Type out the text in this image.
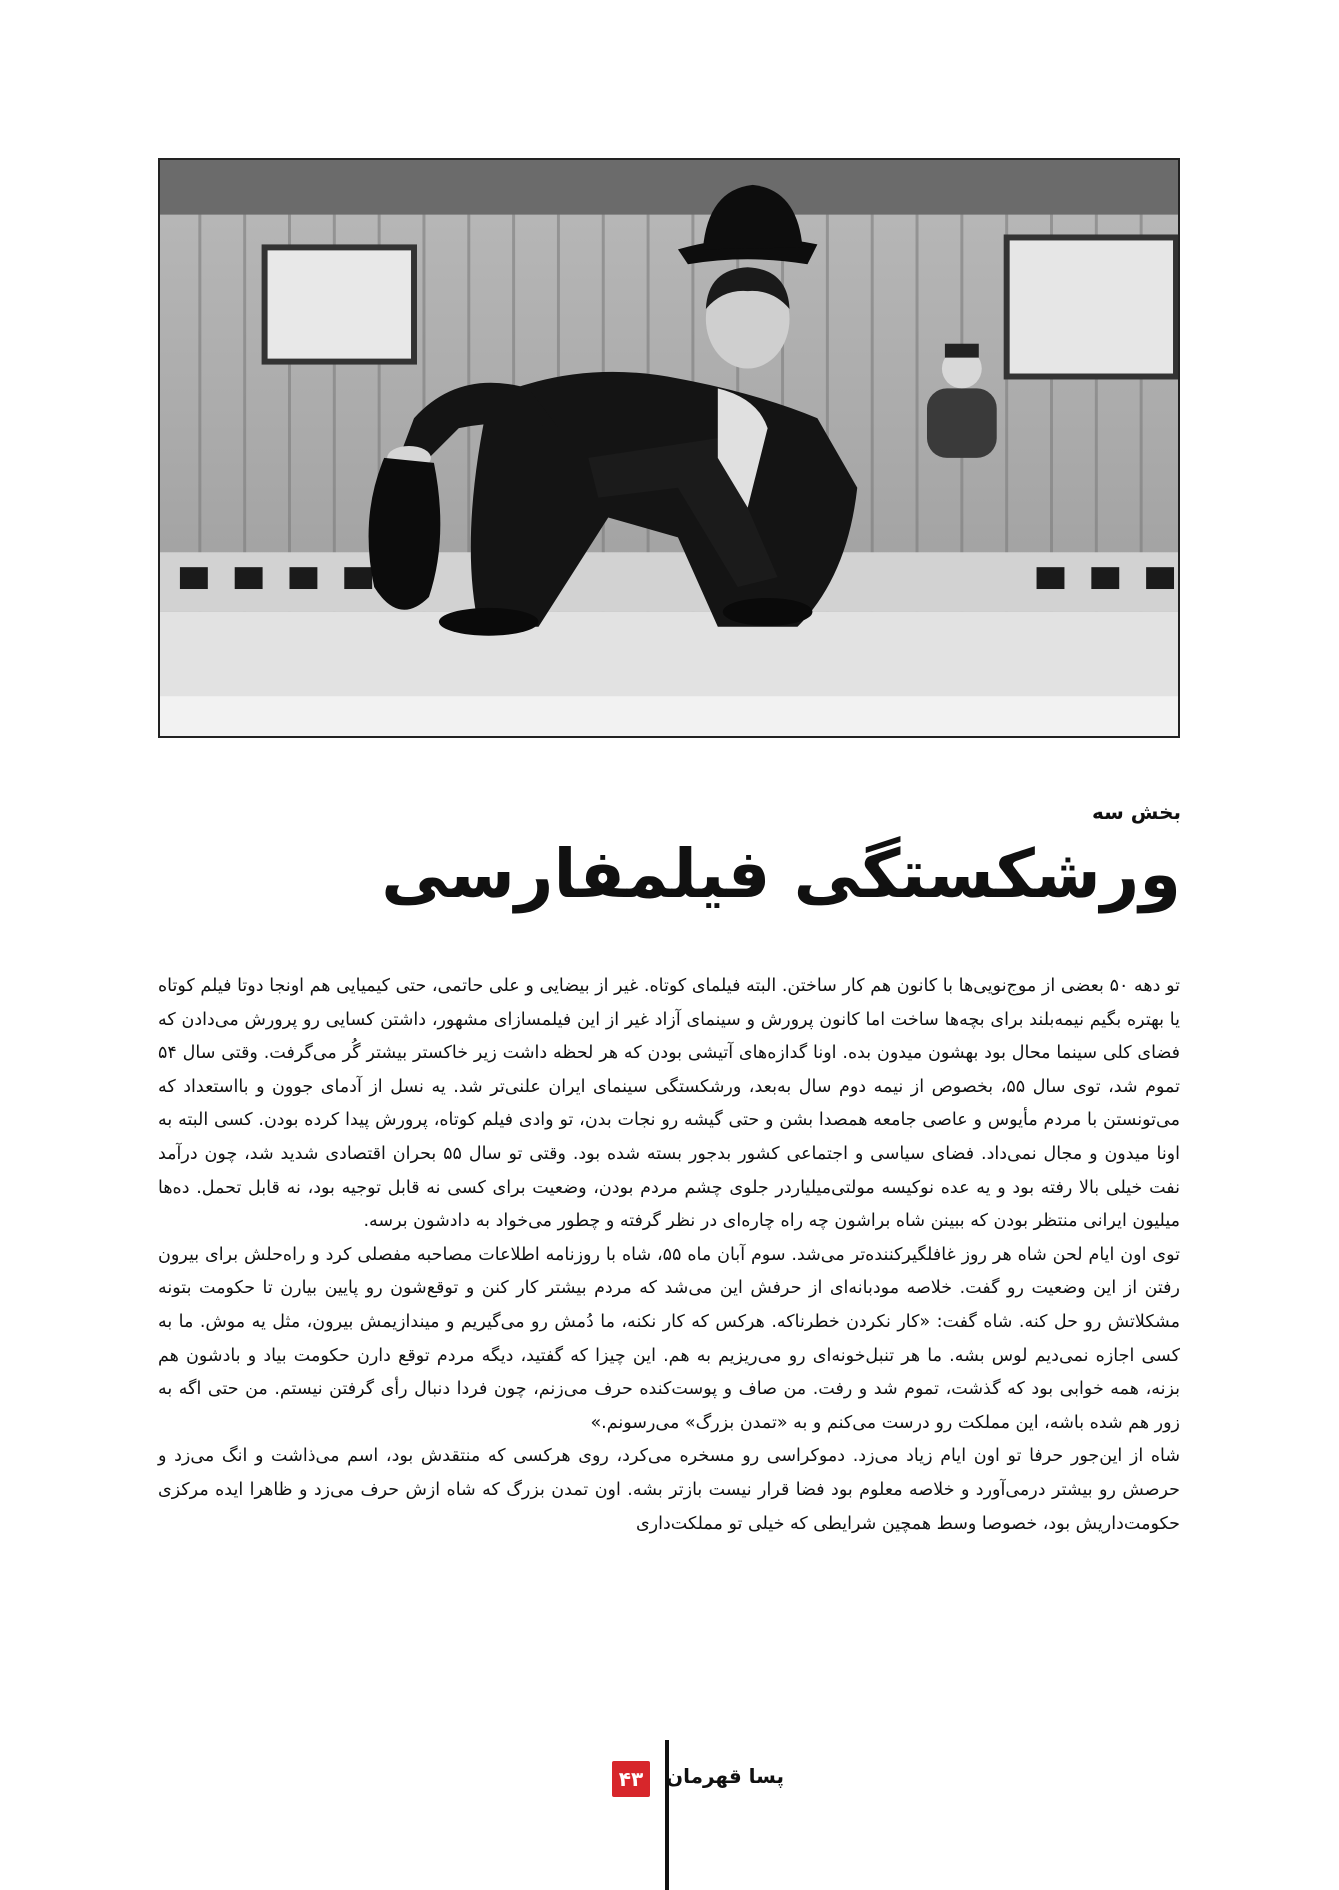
بخش سه
ورشکستگی فیلمفارسی

تو دهه ۵۰ بعضی از موج‌نویی‌ها با کانون هم کار ساختن. البته فیلمای کوتاه. غیر از بیضایی و علی حاتمی، حتی کیمیایی هم اونجا دوتا فیلم کوتاه یا بهتره بگیم نیمه‌بلند برای بچه‌ها ساخت اما کانون پرورش و سینمای آزاد غیر از این فیلمسازای مشهور، داشتن کسایی رو پرورش می‌دادن که فضای کلی سینما محال بود بهشون میدون بده. اونا گدازه‌های آتیشی بودن که هر لحظه داشت زیر خاکستر بیشتر گُر می‌گرفت. وقتی سال ۵۴ تموم شد، توی سال ۵۵، بخصوص از نیمه دوم سال به‌بعد، ورشکستگی سینمای ایران علنی‌تر شد. یه نسل از آدمای جوون و بااستعداد که می‌تونستن با مردم مأیوس و عاصی جامعه همصدا بشن و حتی گیشه رو نجات بدن، تو وادی فیلم کوتاه، پرورش پیدا کرده بودن. کسی البته به اونا میدون و مجال نمی‌داد. فضای سیاسی و اجتماعی کشور بدجور بسته شده بود. وقتی تو سال ۵۵ بحران اقتصادی شدید شد، چون درآمد نفت خیلی بالا رفته بود و یه عده نوکیسه مولتی‌میلیاردر جلوی چشم مردم بودن، وضعیت برای کسی نه قابل توجیه بود، نه قابل تحمل. ده‌ها میلیون ایرانی منتظر بودن که ببینن شاه براشون چه راه چاره‌ای در نظر گرفته و چطور می‌خواد به دادشون برسه.

توی اون ایام لحن شاه هر روز غافلگیرکننده‌تر می‌شد. سوم آبان ماه ۵۵، شاه با روزنامه اطلاعات مصاحبه مفصلی کرد و راه‌حلش برای بیرون رفتن از این وضعیت رو گفت. خلاصه مودبانه‌ای از حرفش این می‌شد که مردم بیشتر کار کنن و توقع‌شون رو پایین بیارن تا حکومت بتونه مشکلاتش رو حل کنه. شاه گفت: «کار نکردن خطرناکه. هرکس که کار نکنه، ما دُمش رو می‌گیریم و میندازیمش بیرون، مثل یه موش. ما به کسی اجازه نمی‌دیم لوس بشه. ما هر تنبل‌خونه‌ای رو می‌ریزیم به هم. این چیزا که گفتید، دیگه مردم توقع دارن حکومت بیاد و بادشون هم بزنه، همه خوابی بود که گذشت، تموم شد و رفت. من صاف و پوست‌کنده حرف می‌زنم، چون فردا دنبال رأی گرفتن نیستم. من حتی اگه به زور هم شده باشه، این مملکت رو درست می‌کنم و به «تمدن بزرگ» می‌رسونم.»

شاه از این‌جور حرفا تو اون ایام زیاد می‌زد. دموکراسی رو مسخره می‌کرد، روی هرکسی که منتقدش بود، اسم می‌ذاشت و انگ می‌زد و حرصش رو بیشتر درمی‌آورد و خلاصه معلوم بود فضا قرار نیست بازتر بشه. اون تمدن بزرگ که شاه ازش حرف می‌زد و ظاهرا ایده مرکزی حکومت‌داریش بود، خصوصا وسط همچین شرایطی که خیلی تو مملکت‌داری

۴۳	پسا قهرمان
